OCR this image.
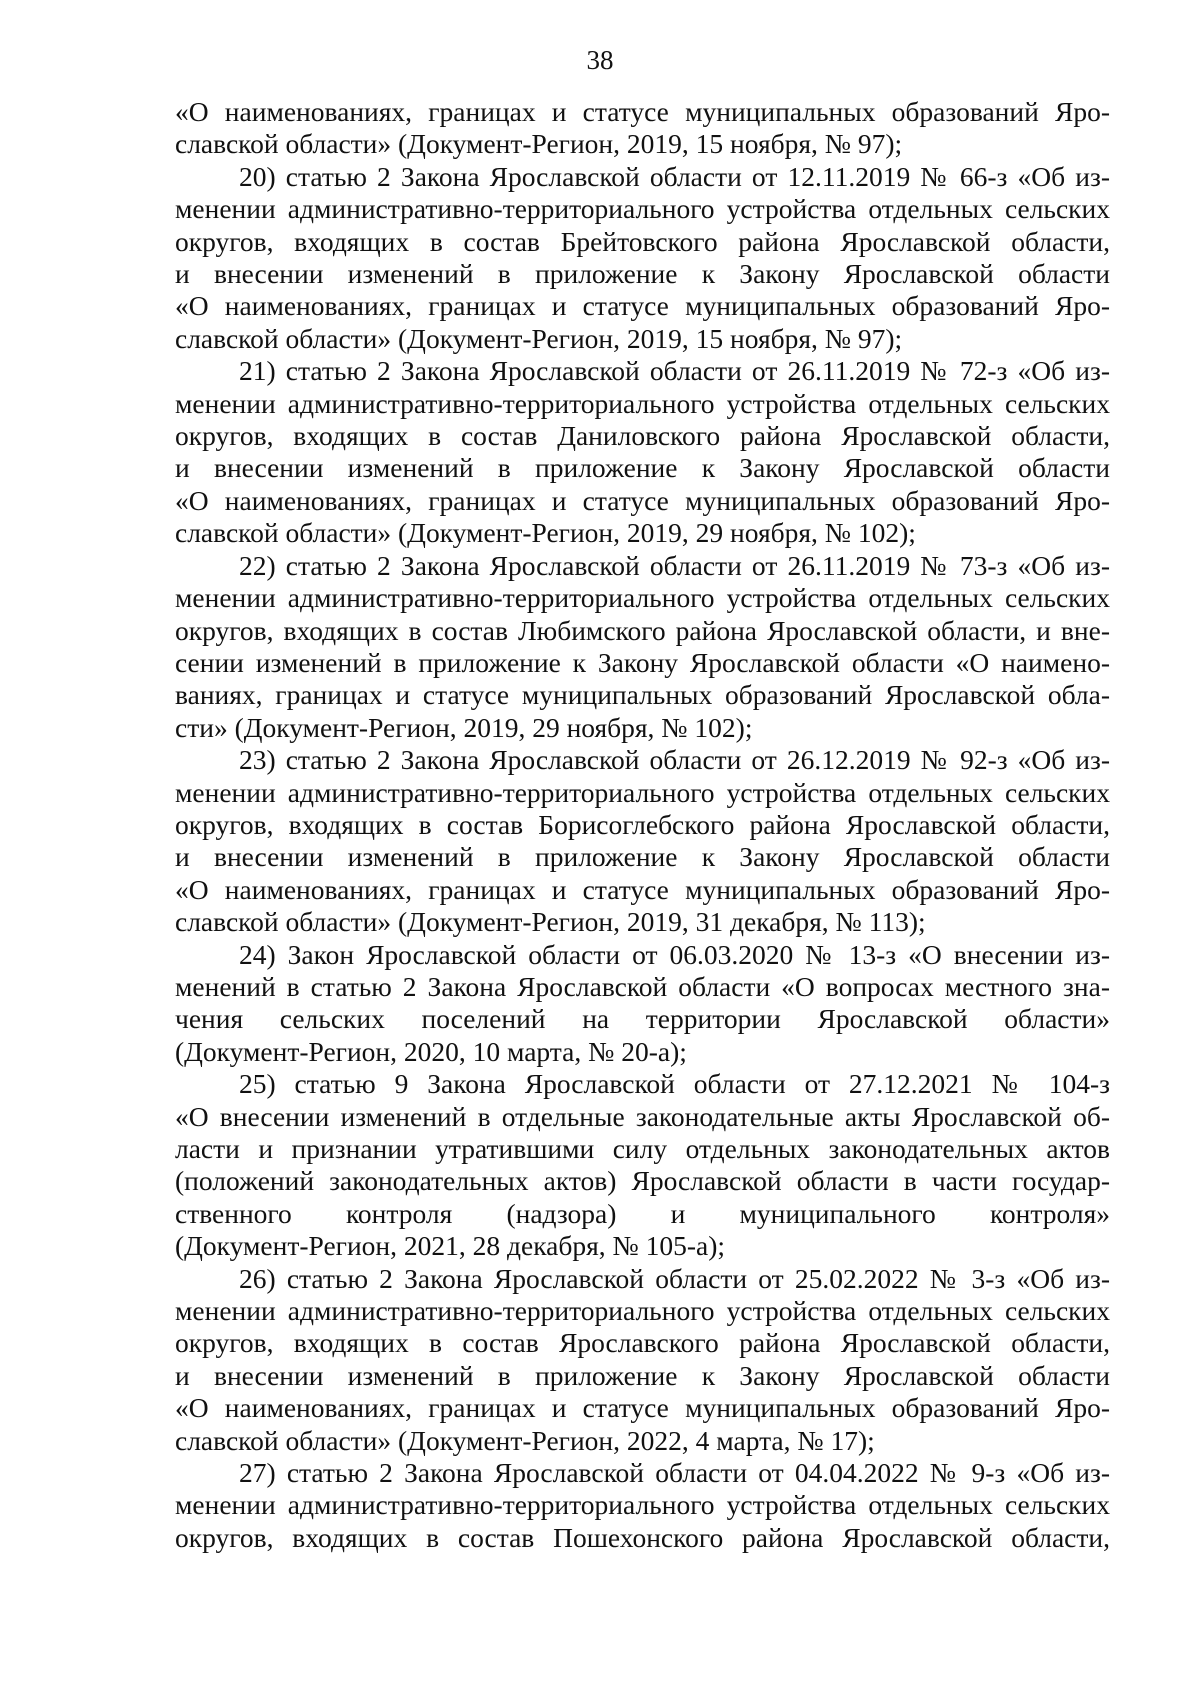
38
«О наименованиях, границах и статусе муниципальных образований Яро-
славской области» (Документ-Регион, 2019, 15 ноября, № 97);
20) статью 2 Закона Ярославской области от 12.11.2019 № 66-з «Об из-
менении административно-территориального устройства отдельных сельских
округов, входящих в состав Брейтовского района Ярославской области,
и внесении изменений в приложение к Закону Ярославской области
«О наименованиях, границах и статусе муниципальных образований Яро-
славской области» (Документ-Регион, 2019, 15 ноября, № 97);
21) статью 2 Закона Ярославской области от 26.11.2019 № 72-з «Об из-
менении административно-территориального устройства отдельных сельских
округов, входящих в состав Даниловского района Ярославской области,
и внесении изменений в приложение к Закону Ярославской области
«О наименованиях, границах и статусе муниципальных образований Яро-
славской области» (Документ-Регион, 2019, 29 ноября, № 102);
22) статью 2 Закона Ярославской области от 26.11.2019 № 73-з «Об из-
менении административно-территориального устройства отдельных сельских
округов, входящих в состав Любимского района Ярославской области, и вне-
сении изменений в приложение к Закону Ярославской области «О наимено-
ваниях, границах и статусе муниципальных образований Ярославской обла-
сти» (Документ-Регион, 2019, 29 ноября, № 102);
23) статью 2 Закона Ярославской области от 26.12.2019 № 92-з «Об из-
менении административно-территориального устройства отдельных сельских
округов, входящих в состав Борисоглебского района Ярославской области,
и внесении изменений в приложение к Закону Ярославской области
«О наименованиях, границах и статусе муниципальных образований Яро-
славской области» (Документ-Регион, 2019, 31 декабря, № 113);
24) Закон Ярославской области от 06.03.2020 № 13-з «О внесении из-
менений в статью 2 Закона Ярославской области «О вопросах местного зна-
чения сельских поселений на территории Ярославской области»
(Документ-Регион, 2020, 10 марта, № 20-а);
25) статью 9 Закона Ярославской области от 27.12.2021 № 104-з
«О внесении изменений в отдельные законодательные акты Ярославской об-
ласти и признании утратившими силу отдельных законодательных актов
(положений законодательных актов) Ярославской области в части государ-
ственного контроля (надзора) и муниципального контроля»
(Документ-Регион, 2021, 28 декабря, № 105-а);
26) статью 2 Закона Ярославской области от 25.02.2022 № 3-з «Об из-
менении административно-территориального устройства отдельных сельских
округов, входящих в состав Ярославского района Ярославской области,
и внесении изменений в приложение к Закону Ярославской области
«О наименованиях, границах и статусе муниципальных образований Яро-
славской области» (Документ-Регион, 2022, 4 марта, № 17);
27) статью 2 Закона Ярославской области от 04.04.2022 № 9-з «Об из-
менении административно-территориального устройства отдельных сельских
округов, входящих в состав Пошехонского района Ярославской области,
